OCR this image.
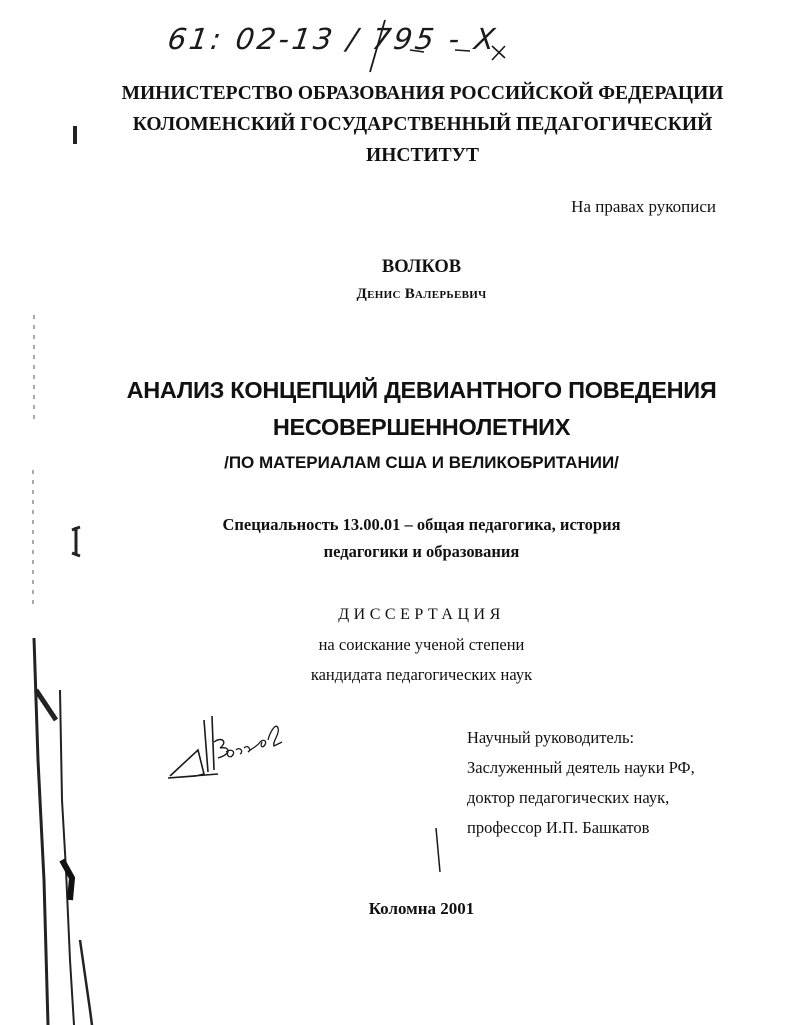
61: 02-13 / 795 - X
МИНИСТЕРСТВО ОБРАЗОВАНИЯ РОССИЙСКОЙ ФЕДЕРАЦИИ
КОЛОМЕНСКИЙ ГОСУДАРСТВЕННЫЙ ПЕДАГОГИЧЕСКИЙ
ИНСТИТУТ
На правах рукописи
ВОЛКОВ
Денис Валерьевич
АНАЛИЗ КОНЦЕПЦИЙ ДЕВИАНТНОГО ПОВЕДЕНИЯ
НЕСОВЕРШЕННОЛЕТНИХ
/ПО МАТЕРИАЛАМ США И ВЕЛИКОБРИТАНИИ/
Специальность 13.00.01 – общая педагогика, история
педагогики и образования
ДИССЕРТАЦИЯ
на соискание ученой степени
кандидата педагогических наук
Научный руководитель:
Заслуженный деятель науки РФ,
доктор педагогических наук,
профессор И.П. Башкатов
Коломна 2001
